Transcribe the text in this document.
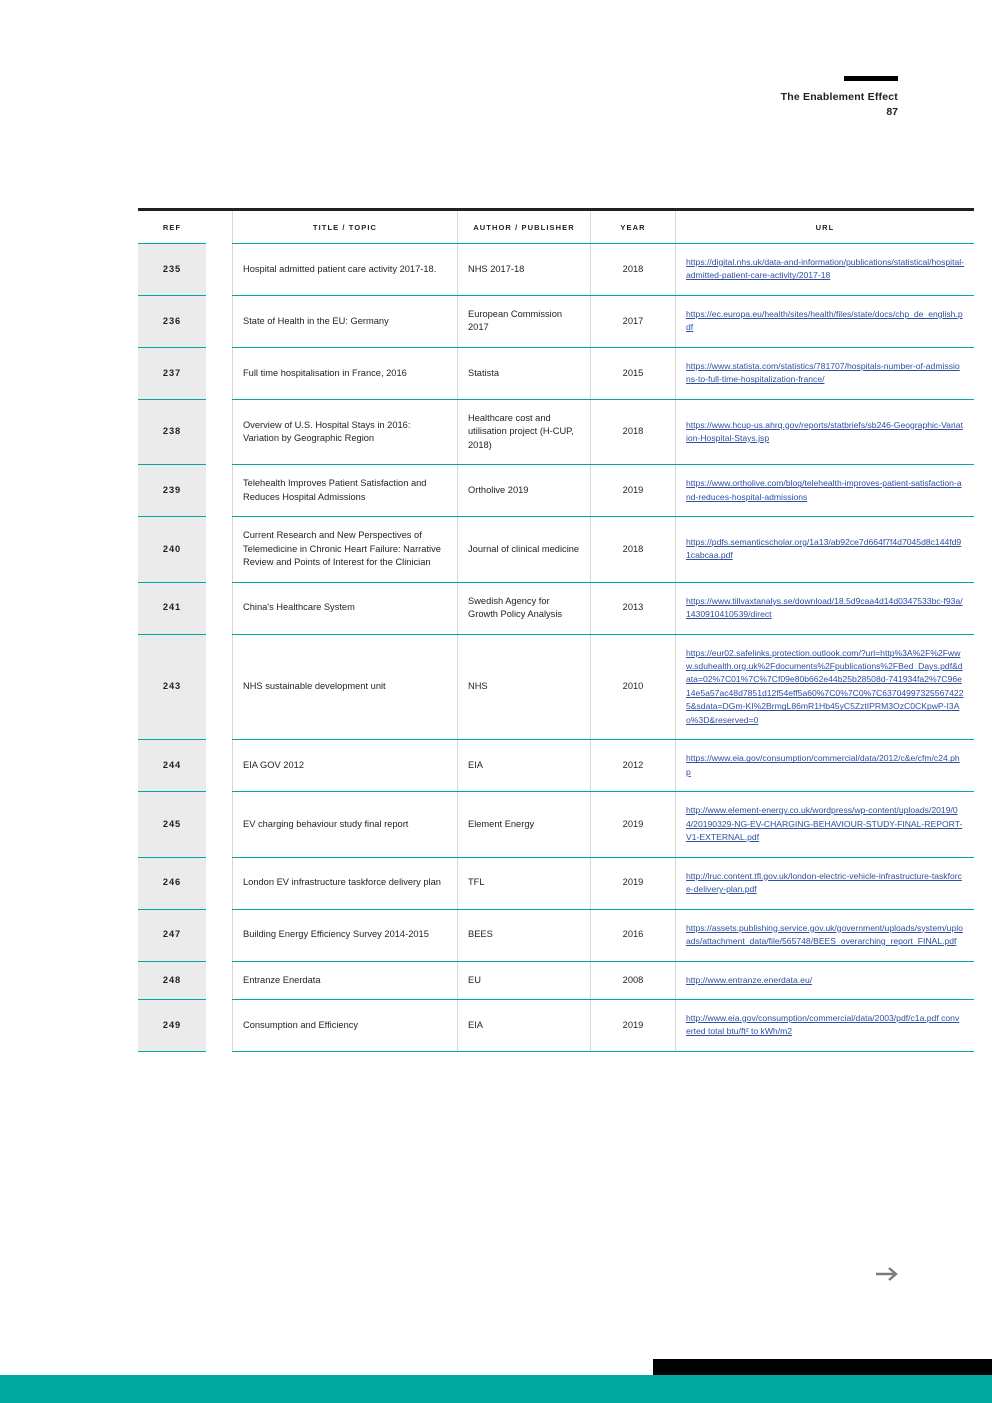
The Enablement Effect
87
REF		TITLE / TOPIC	AUTHOR / PUBLISHER	YEAR	URL
235		Hospital admitted patient care activity 2017-18.	NHS 2017-18	2018	https://digital.nhs.uk/data-and-information/publications/statistical/hospital-admitted-patient-care-activity/2017-18
236		State of Health in the EU: Germany	European Commission 2017	2017	https://ec.europa.eu/health/sites/health/files/state/docs/chp_de_english.pdf
237		Full time hospitalisation in France, 2016	Statista	2015	https://www.statista.com/statistics/781707/hospitals-number-of-admissions-to-full-time-hospitalization-france/
238		Overview of U.S. Hospital Stays in 2016: Variation by Geographic Region	Healthcare cost and utilisation project (H-CUP, 2018)	2018	https://www.hcup-us.ahrq.gov/reports/statbriefs/sb246-Geographic-Variation-Hospital-Stays.jsp
239		Telehealth Improves Patient Satisfaction and Reduces Hospital Admissions	Ortholive 2019	2019	https://www.ortholive.com/blog/telehealth-improves-patient-satisfaction-and-reduces-hospital-admissions
240		Current Research and New Perspectives of Telemedicine in Chronic Heart Failure: Narrative Review and Points of Interest for the Clinician	Journal of clinical medicine	2018	https://pdfs.semanticscholar.org/1a13/ab92ce7d664f7f4d7045d8c144fd91cabcaa.pdf
241		China's Healthcare System	Swedish Agency for Growth Policy Analysis	2013	https://www.tillvaxtanalys.se/download/18.5d9caa4d14d0347533bc-f93a/1430910410539/direct
243		NHS sustainable development unit	NHS	2010	https://eur02.safelinks.protection.outlook.com/?url=http%3A%2F%2Fwww.sduhealth.org.uk%2Fdocuments%2Fpublications%2FBed_Days.pdf&data=02%7C01%7C%7Cf09e80b662e44b25b28508d-741934fa2%7C96e14e5a57ac48d7851d12f54eff5a60%7C0%7C0%7C637049973255674225&sdata=DGm-KI%2BrmgL86mR1Hb45yC5ZztIPRM3OzC0CKpwP-I3Ao%3D&reserved=0
244		EIA GOV 2012	EIA	2012	https://www.eia.gov/consumption/commercial/data/2012/c&e/cfm/c24.php
245		EV charging behaviour study final report	Element Energy	2019	http://www.element-energy.co.uk/wordpress/wp-content/uploads/2019/04/20190329-NG-EV-CHARGING-BEHAVIOUR-STUDY-FINAL-REPORT-V1-EXTERNAL.pdf
246		London EV infrastructure taskforce delivery plan	TFL	2019	http://lruc.content.tfl.gov.uk/london-electric-vehicle-infrastructure-taskforce-delivery-plan.pdf
247		Building Energy Efficiency Survey 2014-2015	BEES	2016	https://assets.publishing.service.gov.uk/government/uploads/system/uploads/attachment_data/file/565748/BEES_overarching_report_FINAL.pdf
248		Entranze Enerdata	EU	2008	http://www.entranze.enerdata.eu/
249		Consumption and Efficiency	EIA	2019	http://www.eia.gov/consumption/commercial/data/2003/pdf/c1a.pdf converted total btu/ft² to kWh/m2
